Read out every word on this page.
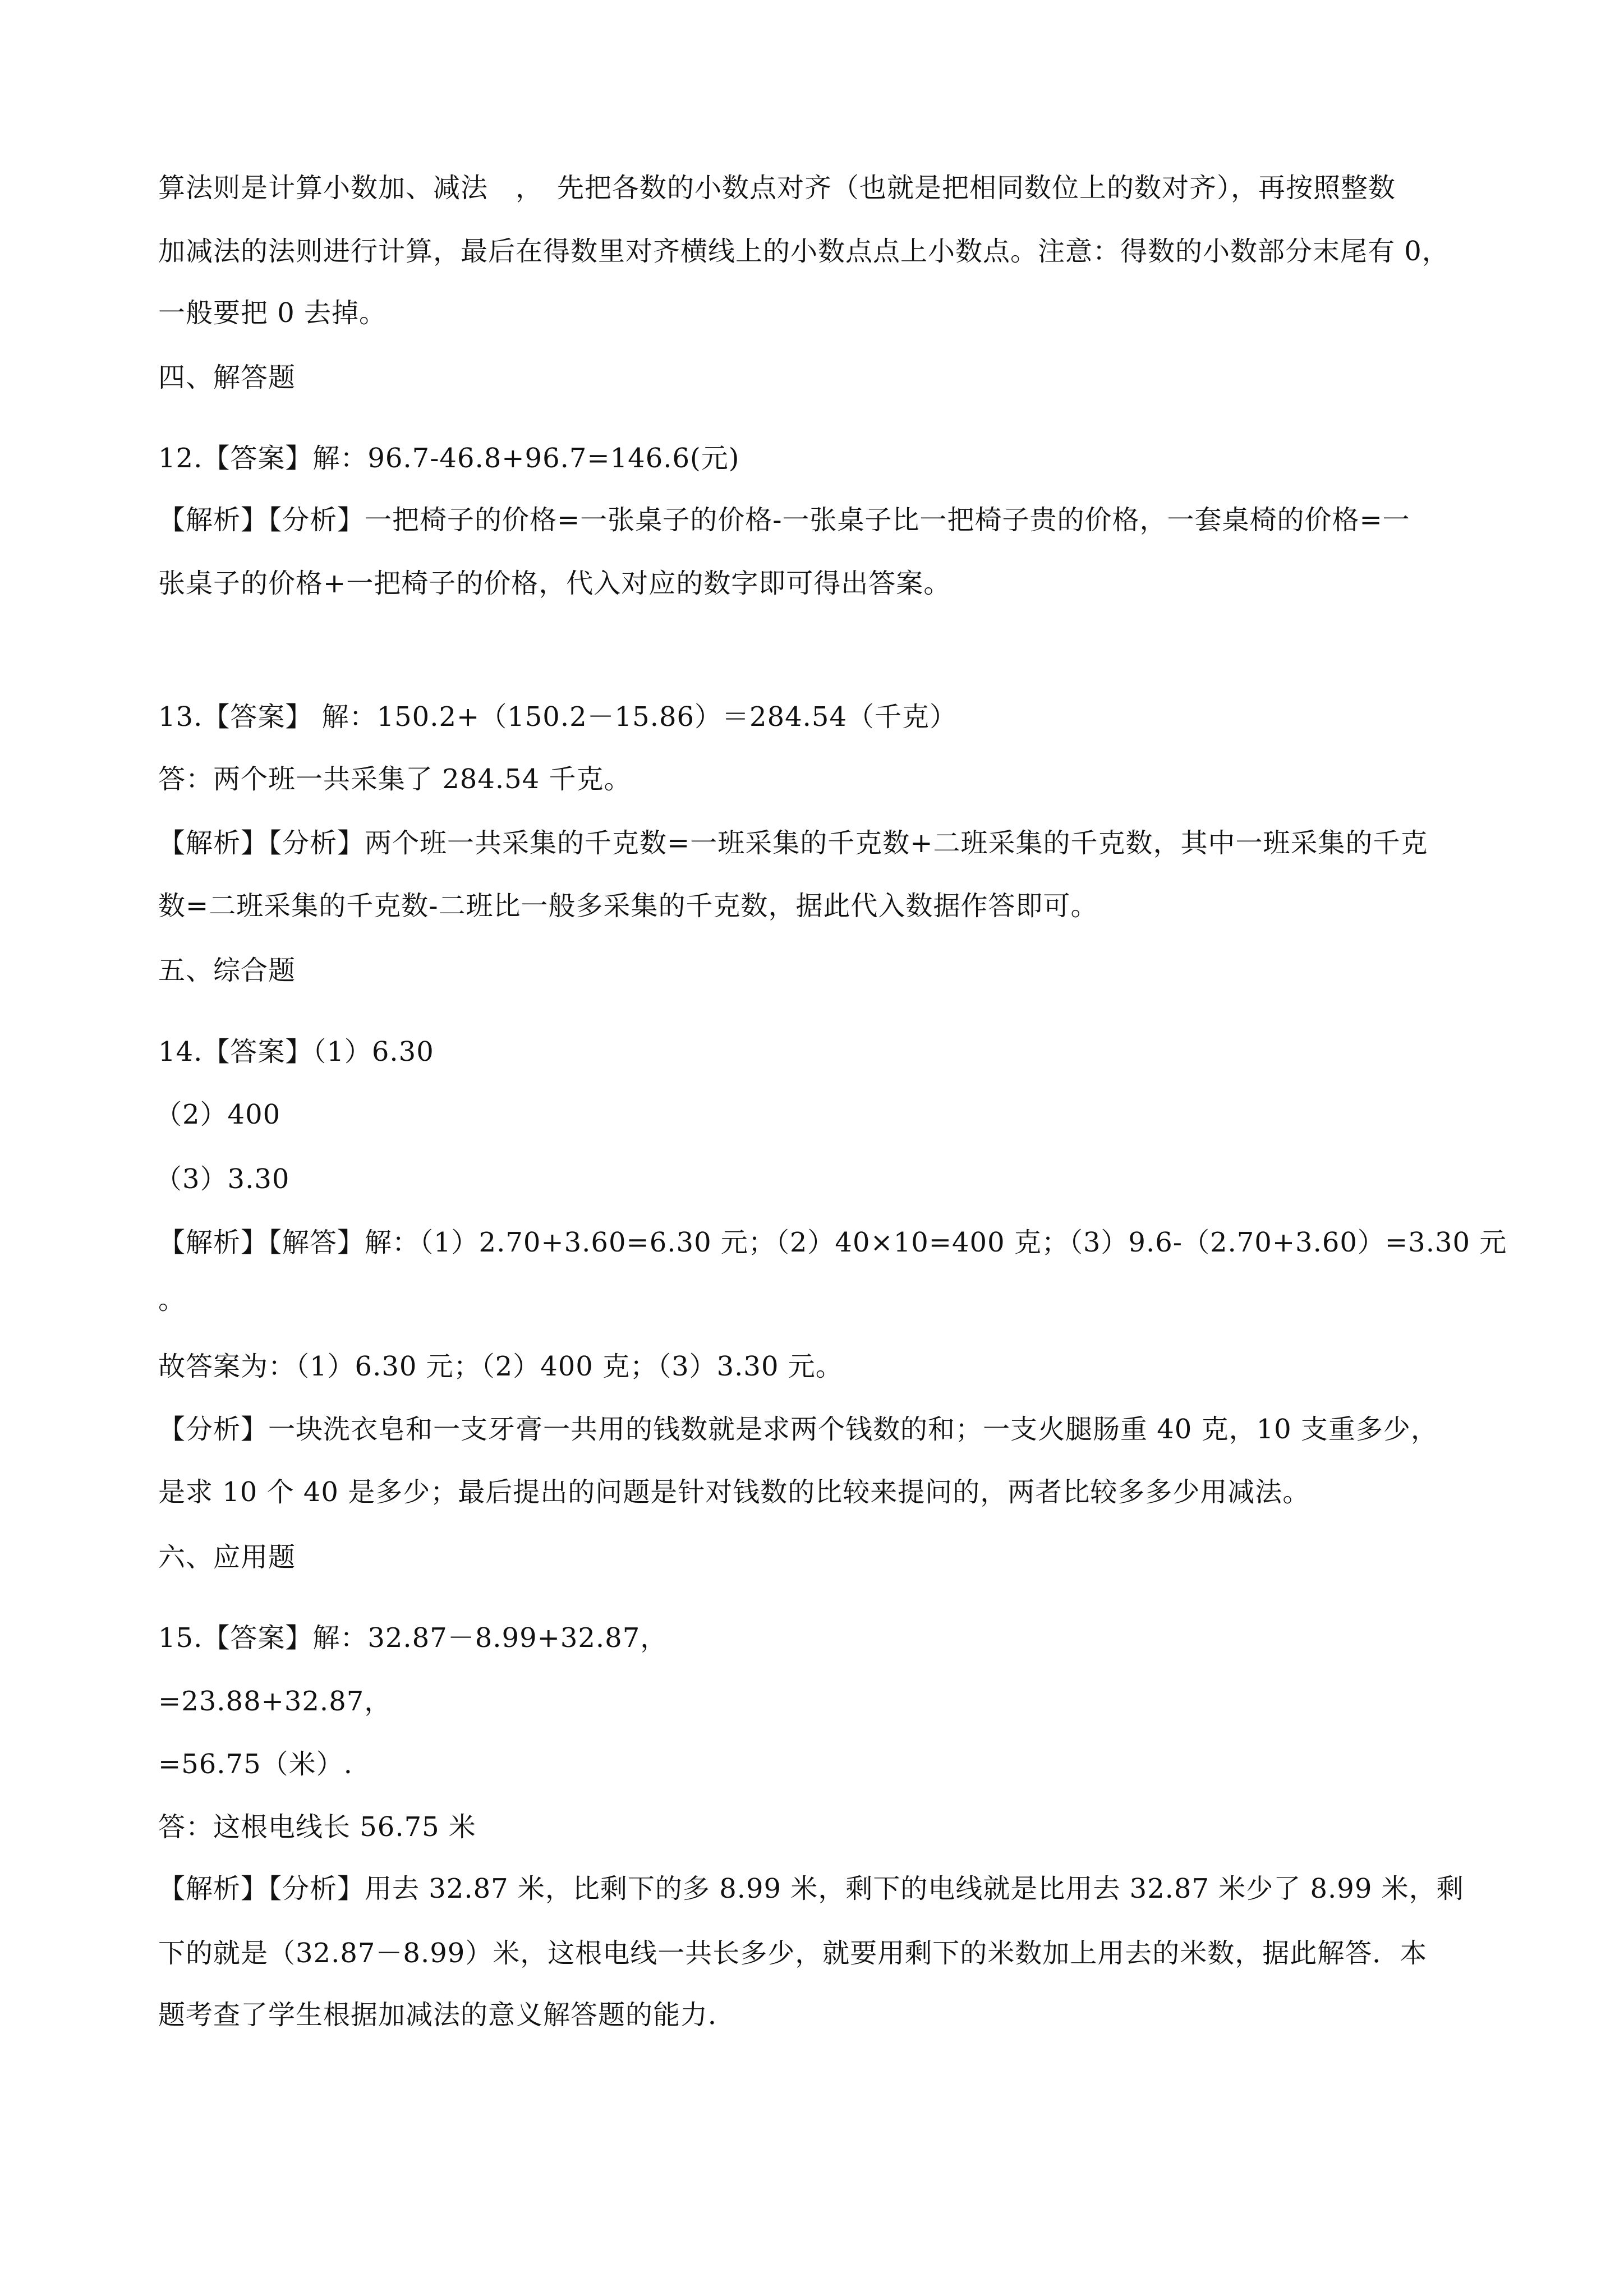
算法则是计算小数加、减法　，　先把各数的小数点对齐（也就是把相同数位上的数对齐），再按照整数
加减法的法则进行计算，最后在得数里对齐横线上的小数点点上小数点。注意：得数的小数部分末尾有 0，
一般要把 0 去掉。
四、解答题
12.【答案】解：96.7-46.8+96.7=146.6(元)
【解析】【分析】一把椅子的价格=一张桌子的价格-一张桌子比一把椅子贵的价格，一套桌椅的价格=一
张桌子的价格+一把椅子的价格，代入对应的数字即可得出答案。
13.【答案】 解：150.2+（150.2－15.86）＝284.54（千克）
答：两个班一共采集了 284.54 千克。
【解析】【分析】两个班一共采集的千克数=一班采集的千克数+二班采集的千克数，其中一班采集的千克
数=二班采集的千克数-二班比一般多采集的千克数，据此代入数据作答即可。
五、综合题
14.【答案】（1）6.30
（2）400
（3）3.30
【解析】【解答】解：（1）2.70+3.60=6.30 元；（2）40×10=400 克；（3）9.6-（2.70+3.60）=3.30 元
。
故答案为：（1）6.30 元；（2）400 克；（3）3.30 元。
【分析】一块洗衣皂和一支牙膏一共用的钱数就是求两个钱数的和；一支火腿肠重 40 克，10 支重多少，
是求 10 个 40 是多少；最后提出的问题是针对钱数的比较来提问的，两者比较多多少用减法。
六、应用题
15.【答案】解：32.87－8.99+32.87，
=23.88+32.87，
=56.75（米）.
答：这根电线长 56.75 米
【解析】【分析】用去 32.87 米，比剩下的多 8.99 米，剩下的电线就是比用去 32.87 米少了 8.99 米，剩
下的就是（32.87－8.99）米，这根电线一共长多少，就要用剩下的米数加上用去的米数，据此解答．本
题考查了学生根据加减法的意义解答题的能力．
